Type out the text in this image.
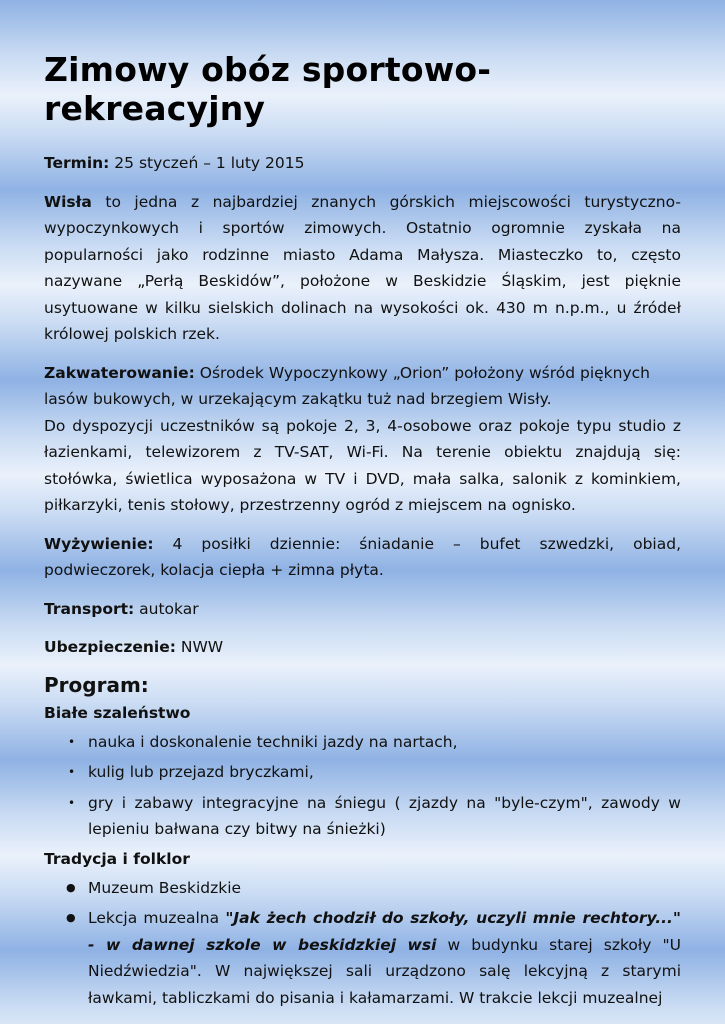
Zimowy obóz sportowo-rekreacyjny

Termin: 25 styczeń – 1 luty 2015

Wisła to jedna z najbardziej znanych górskich miejscowości turystyczno-wypoczynkowych i sportów zimowych. Ostatnio ogromnie zyskała na popularności jako rodzinne miasto Adama Małysza. Miasteczko to, często nazywane „Perłą Beskidów”, położone w Beskidzie Śląskim, jest pięknie usytuowane w kilku sielskich dolinach na wysokości ok. 430 m n.p.m., u źródeł królowej polskich rzek.

Zakwaterowanie: Ośrodek Wypoczynkowy „Orion” położony wśród pięknych lasów bukowych, w urzekającym zakątku tuż nad brzegiem Wisły.

Do dyspozycji uczestników są pokoje 2, 3, 4-osobowe oraz pokoje typu studio z łazienkami, telewizorem z TV-SAT, Wi-Fi. Na terenie obiektu znajdują się: stołówka, świetlica wyposażona w TV i DVD, mała salka, salonik z kominkiem, piłkarzyki, tenis stołowy, przestrzenny ogród z miejscem na ognisko.

Wyżywienie: 4 posiłki dziennie: śniadanie – bufet szwedzki, obiad, podwieczorek, kolacja ciepła + zimna płyta.

Transport: autokar

Ubezpieczenie: NWW

Program:

Białe szaleństwo

• nauka i doskonalenie techniki jazdy na nartach,
• kulig lub przejazd bryczkami,
• gry i zabawy integracyjne na śniegu ( zjazdy na "byle-czym", zawody w lepieniu bałwana czy bitwy na śnieżki)

Tradycja i folklor

● Muzeum Beskidzkie
● Lekcja muzealna "Jak żech chodził do szkoły, uczyli mnie rechtory..." - w dawnej szkole w beskidzkiej wsi w budynku starej szkoły "U Niedźwiedzia". W największej sali urządzono salę lekcyjną z starymi ławkami, tabliczkami do pisania i kałamarzami. W trakcie lekcji muzealnej
